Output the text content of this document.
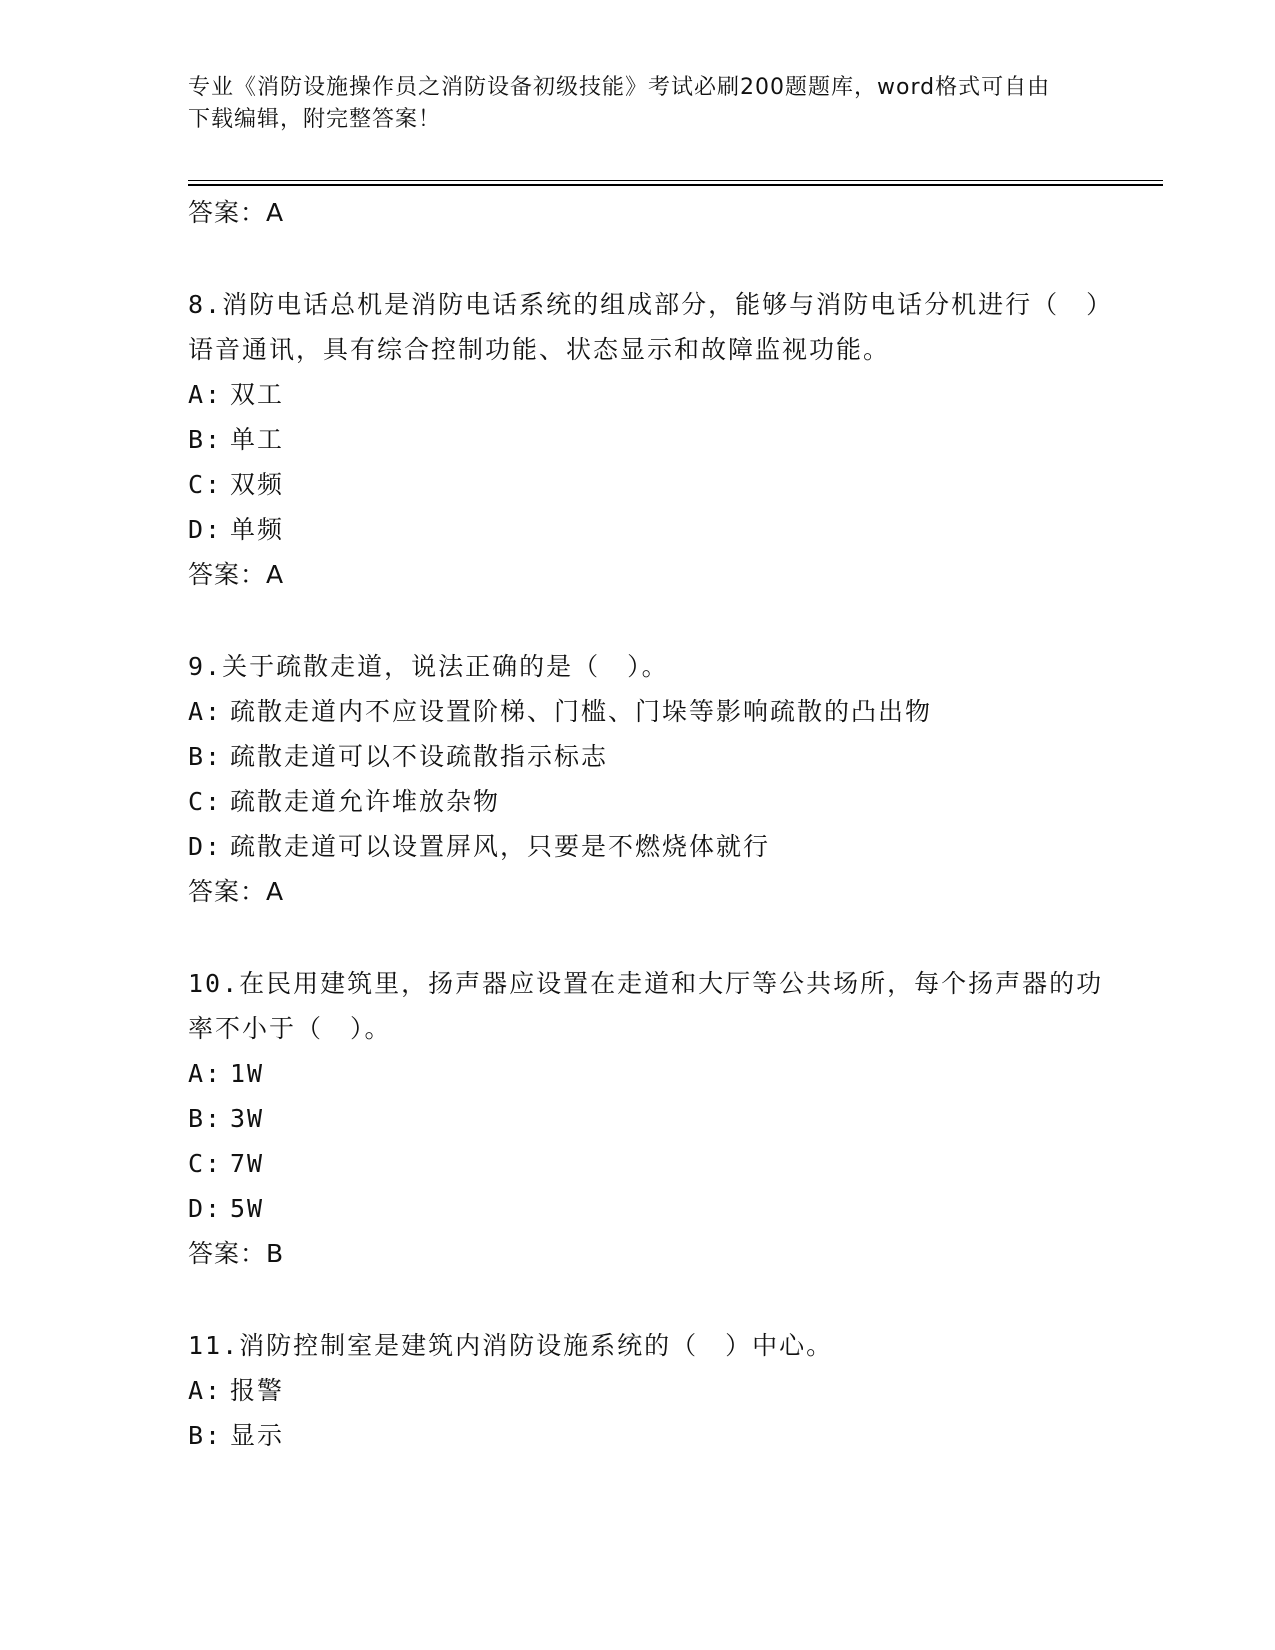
专业《消防设施操作员之消防设备初级技能》考试必刷200题题库，word格式可自由下载编辑，附完整答案！
答案：A
8.消防电话总机是消防电话系统的组成部分，能够与消防电话分机进行（　）语音通讯，具有综合控制功能、状态显示和故障监视功能。
A: 双工
B: 单工
C: 双频
D: 单频
答案：A
9.关于疏散走道，说法正确的是（　）。
A: 疏散走道内不应设置阶梯、门槛、门垛等影响疏散的凸出物
B: 疏散走道可以不设疏散指示标志
C: 疏散走道允许堆放杂物
D: 疏散走道可以设置屏风，只要是不燃烧体就行
答案：A
10.在民用建筑里，扬声器应设置在走道和大厅等公共场所，每个扬声器的功率不小于（　）。
A: 1W
B: 3W
C: 7W
D: 5W
答案：B
11.消防控制室是建筑内消防设施系统的（　）中心。
A: 报警
B: 显示
